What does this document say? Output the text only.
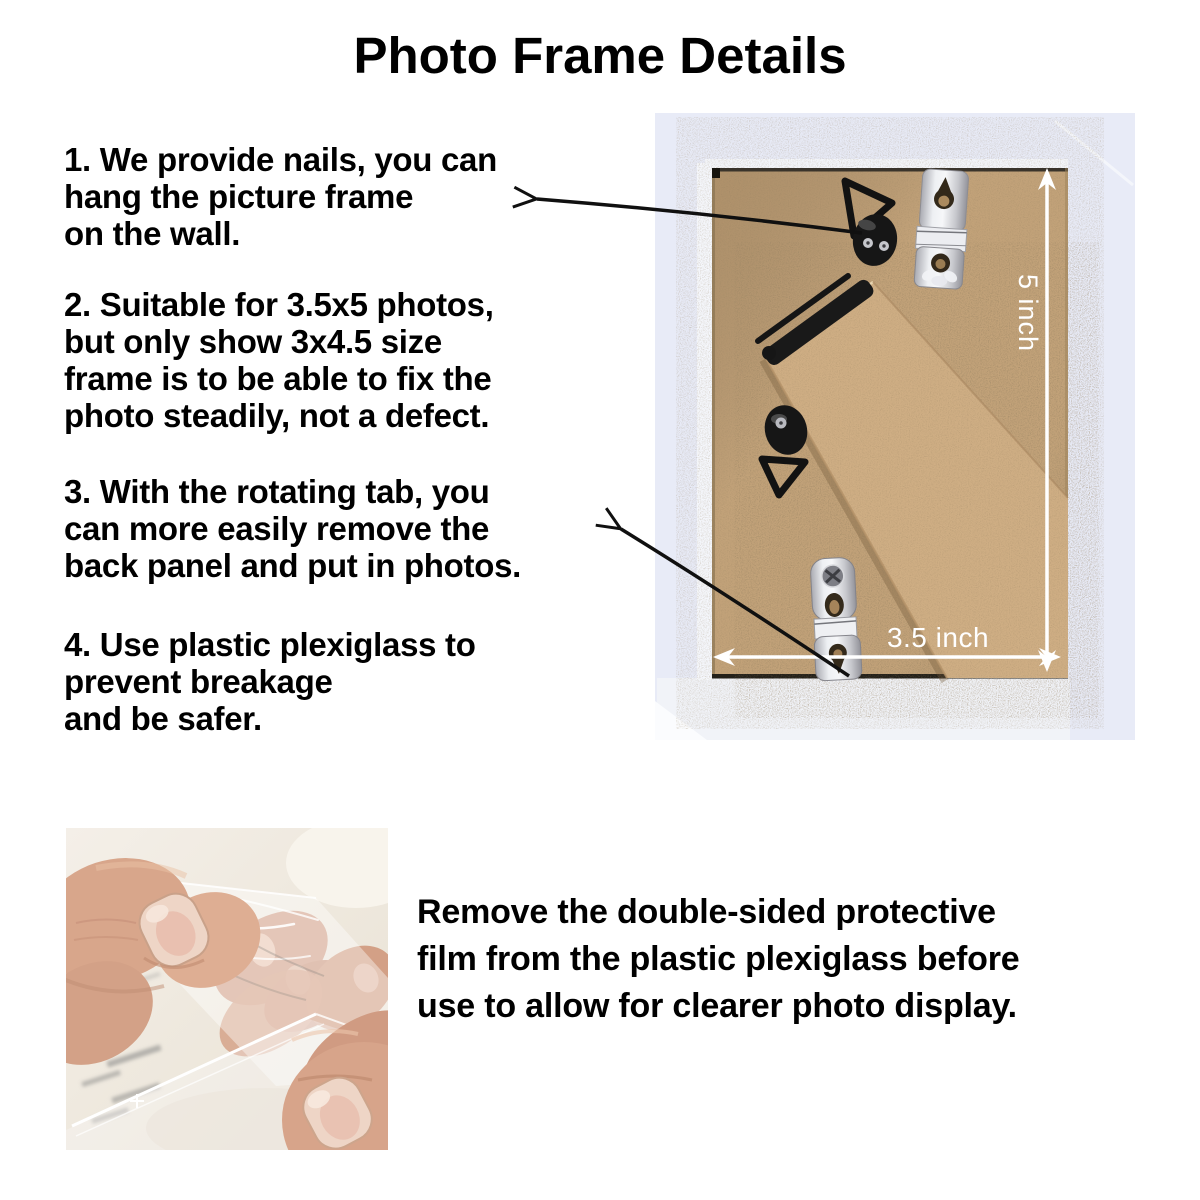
Photo Frame Details
1. We provide nails, you can
hang the picture frame
on the wall.
2. Suitable for 3.5x5 photos,
but only show 3x4.5 size
frame is to be able to fix the
photo steadily, not a defect.
3. With the rotating tab, you
can more easily remove the
back panel and put in photos.
4. Use plastic plexiglass to
prevent breakage
and be safer.
5 inch
3.5 inch
Remove the double-sided protective
film from the plastic plexiglass before
use to allow for clearer photo display.
